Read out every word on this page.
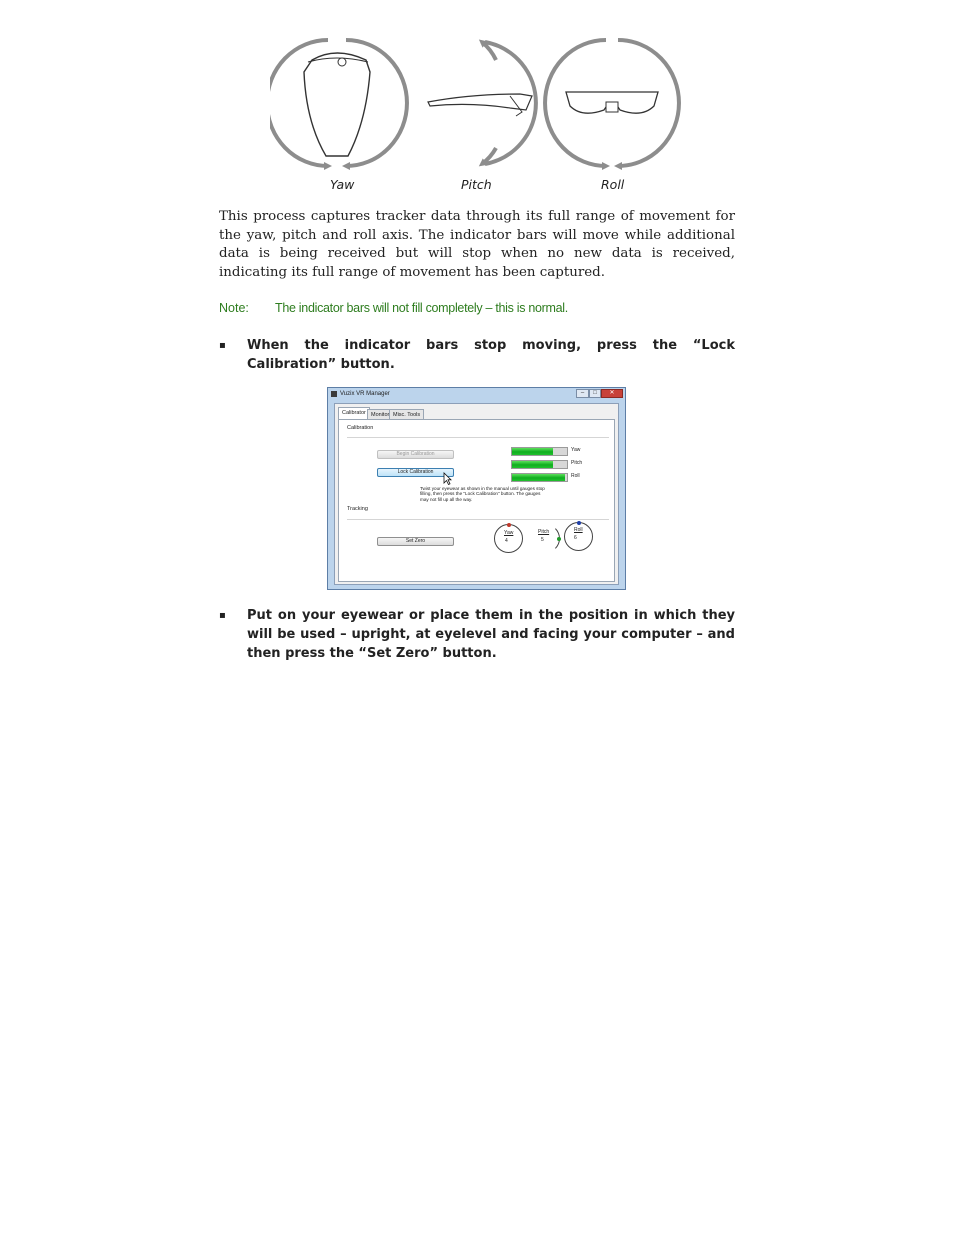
Yaw	Pitch	Roll

This process captures tracker data through its full range of movement for the yaw, pitch and roll axis. The indicator bars will move while additional data is being received but will stop when no new data is received, indicating its full range of movement has been captured.

Note: The indicator bars will not fill completely – this is normal.
▪ When the indicator bars stop moving, press the “Lock Calibration” button.
Vuzix VR Manager	–	□	✕
Calibrator Monitor Misc. Tools
Calibration
Begin Calibration
Lock Calibration
Yaw
Pitch
Roll
Twist your eyewear as shown in the manual until gauges stop filling, then press the "Lock Calibration" button. The gauges may not fill up all the way.
Tracking
Set Zero
Yaw
4
Pitch
5
Roll
6
▪ Put on your eyewear or place them in the position in which they will be used – upright, at eyelevel and facing your computer – and then press the “Set Zero” button.
